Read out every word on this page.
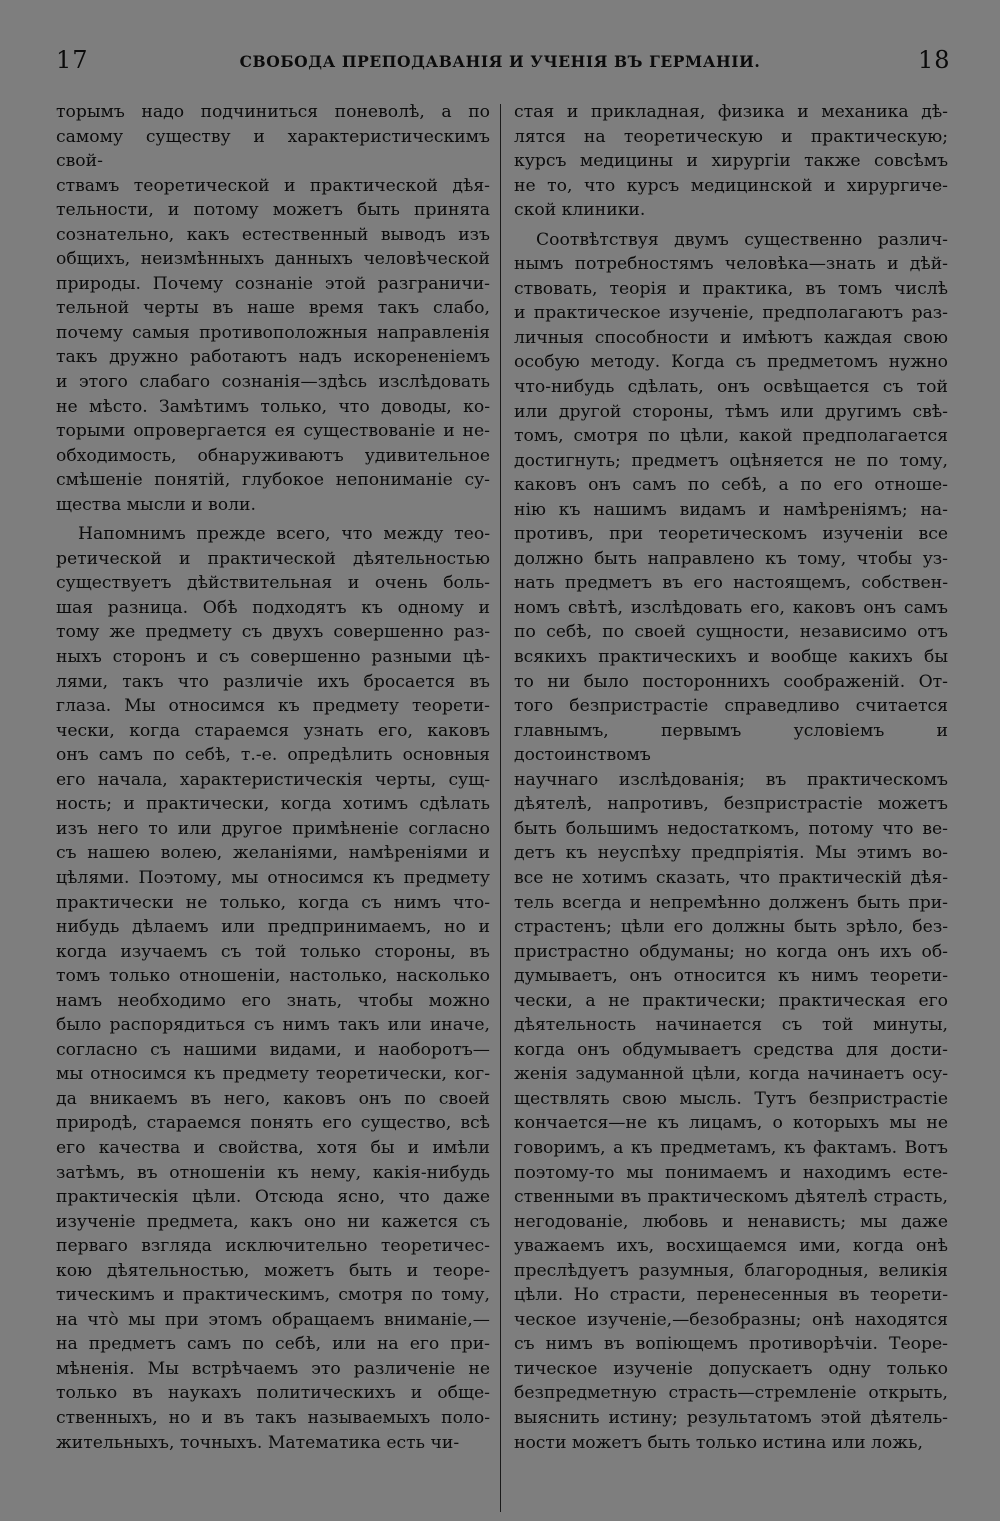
17	СВОБОДА ПРЕПОДАВАНІЯ И УЧЕНІЯ ВЪ ГЕРМАНІИ.	18

торымъ надо подчиниться поневолѣ, а по

самому существу и характеристическимъ свой-

ствамъ теоретической и практической дѣя-

тельности, и потому можетъ быть принята

сознательно, какъ естественный выводъ изъ

общихъ, неизмѣнныхъ данныхъ человѣческой

природы. Почему сознаніе этой разграничи-

тельной черты въ наше время такъ слабо,

почему самыя противоположныя направленія

такъ дружно работаютъ надъ искорененіемъ

и этого слабаго сознанія—здѣсь изслѣдовать

не мѣсто. Замѣтимъ только, что доводы, ко-

торыми опровергается ея существованіе и не-

обходимость, обнаруживаютъ удивительное

смѣшеніе понятій, глубокое непониманіе су-

щества мысли и воли.

Напомнимъ прежде всего, что между тео-

ретической и практической дѣятельностью

существуетъ дѣйствительная и очень боль-

шая разница. Обѣ подходятъ къ одному и

тому же предмету съ двухъ совершенно раз-

ныхъ сторонъ и съ совершенно разными цѣ-

лями, такъ что различіе ихъ бросается въ

глаза. Мы относимся къ предмету теорети-

чески, когда стараемся узнать его, каковъ

онъ самъ по себѣ, т.-е. опредѣлить основныя

его начала, характеристическія черты, сущ-

ность; и практически, когда хотимъ сдѣлать

изъ него то или другое примѣненіе согласно

съ нашею волею, желаніями, намѣреніями и

цѣлями. Поэтому, мы относимся къ предмету

практически не только, когда съ нимъ что-

нибудь дѣлаемъ или предпринимаемъ, но и

когда изучаемъ съ той только стороны, въ

томъ только отношеніи, настолько, насколько

намъ необходимо его знать, чтобы можно

было распорядиться съ нимъ такъ или иначе,

согласно съ нашими видами, и наоборотъ—

мы относимся къ предмету теоретически, ког-

да вникаемъ въ него, каковъ онъ по своей

природѣ, стараемся понять его существо, всѣ

его качества и свойства, хотя бы и имѣли

затѣмъ, въ отношеніи къ нему, какія-нибудь

практическія цѣли. Отсюда ясно, что даже

изученіе предмета, какъ оно ни кажется съ

перваго взгляда исключительно теоретичес-

кою дѣятельностью, можетъ быть и теоре-

тическимъ и практическимъ, смотря по тому,

на что̀ мы при этомъ обращаемъ вниманіе,—

на предметъ самъ по себѣ, или на его при-

мѣненія. Мы встрѣчаемъ это различеніе не

только въ наукахъ политическихъ и обще-

ственныхъ, но и въ такъ называемыхъ поло-

жительныхъ, точныхъ. Математика есть чи-

стая и прикладная, физика и механика дѣ-

лятся на теоретическую и практическую;

курсъ медицины и хирургіи также совсѣмъ

не то, что курсъ медицинской и хирургиче-

ской клиники.

Соотвѣтствуя двумъ существенно различ-

нымъ потребностямъ человѣка—знать и дѣй-

ствовать, теорія и практика, въ томъ числѣ

и практическое изученіе, предполагаютъ раз-

личныя способности и имѣютъ каждая свою

особую методу. Когда съ предметомъ нужно

что-нибудь сдѣлать, онъ освѣщается съ той

или другой стороны, тѣмъ или другимъ свѣ-

томъ, смотря по цѣли, какой предполагается

достигнуть; предметъ оцѣняется не по тому,

каковъ онъ самъ по себѣ, а по его отноше-

нію къ нашимъ видамъ и намѣреніямъ; на-

противъ, при теоретическомъ изученіи все

должно быть направлено къ тому, чтобы уз-

нать предметъ въ его настоящемъ, собствен-

номъ свѣтѣ, изслѣдовать его, каковъ онъ самъ

по себѣ, по своей сущности, независимо отъ

всякихъ практическихъ и вообще какихъ бы

то ни было постороннихъ соображеній. От-

того безпристрастіе справедливо считается

главнымъ, первымъ условіемъ и достоинствомъ

научнаго изслѣдованія; въ практическомъ

дѣятелѣ, напротивъ, безпристрастіе можетъ

быть большимъ недостаткомъ, потому что ве-

детъ къ неуспѣху предпріятія. Мы этимъ во-

все не хотимъ сказать, что практическій дѣя-

тель всегда и непремѣнно долженъ быть при-

страстенъ; цѣли его должны быть зрѣло, без-

пристрастно обдуманы; но когда онъ ихъ об-

думываетъ, онъ относится къ нимъ теорети-

чески, а не практически; практическая его

дѣятельность начинается съ той минуты,

когда онъ обдумываетъ средства для дости-

женія задуманной цѣли, когда начинаетъ осу-

ществлять свою мысль. Тутъ безпристрастіе

кончается—не къ лицамъ, о которыхъ мы не

говоримъ, а къ предметамъ, къ фактамъ. Вотъ

поэтому-то мы понимаемъ и находимъ есте-

ственными въ практическомъ дѣятелѣ страсть,

негодованіе, любовь и ненависть; мы даже

уважаемъ ихъ, восхищаемся ими, когда онѣ

преслѣдуетъ разумныя, благородныя, великія

цѣли. Но страсти, перенесенныя въ теорети-

ческое изученіе,—безобразны; онѣ находятся

съ нимъ въ вопіющемъ противорѣчіи. Теоре-

тическое изученіе допускаетъ одну только

безпредметную страсть—стремленіе открыть,

выяснить истину; результатомъ этой дѣятель-

ности можетъ быть только истина или ложь,
